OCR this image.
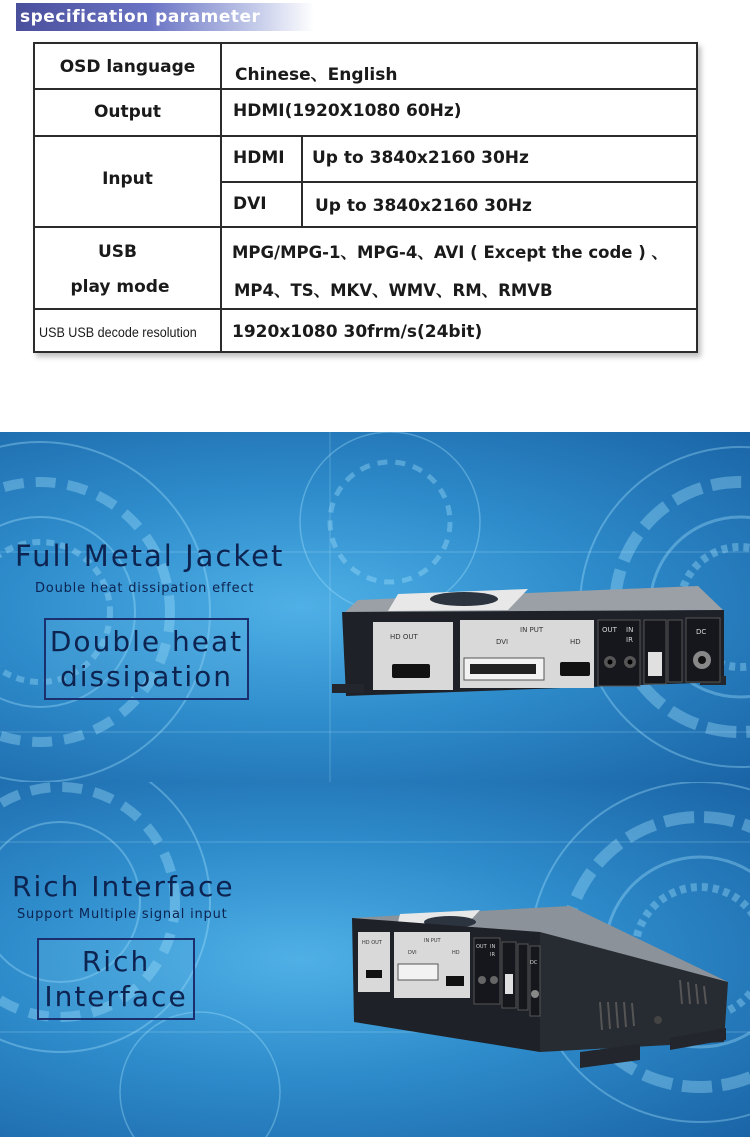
specification parameter
OSD language	Chinese、English
Output	HDMI(1920X1080 60Hz)
Input
HDMI Up to 3840x2160 30Hz
DVI	Up to 3840x2160 30Hz
USB
play mode
MPG/MPG-1、MPG-4、AVI ( Except the code ) 、
MP4、TS、MKV、WMV、RM、RMVB
USB USB decode resolution 1920x1080 30frm/s(24bit)
Full Metal Jacket
Double heat dissipation effect
Double heat
dissipation
HD OUT
IN PUT
DVI	HD
OUT IN
IR
DC
Rich Interface
Support Multiple signal input
Rich
Interface
HD OUT	IN PUT
DVI	HD
OUT IN
IR
DC
